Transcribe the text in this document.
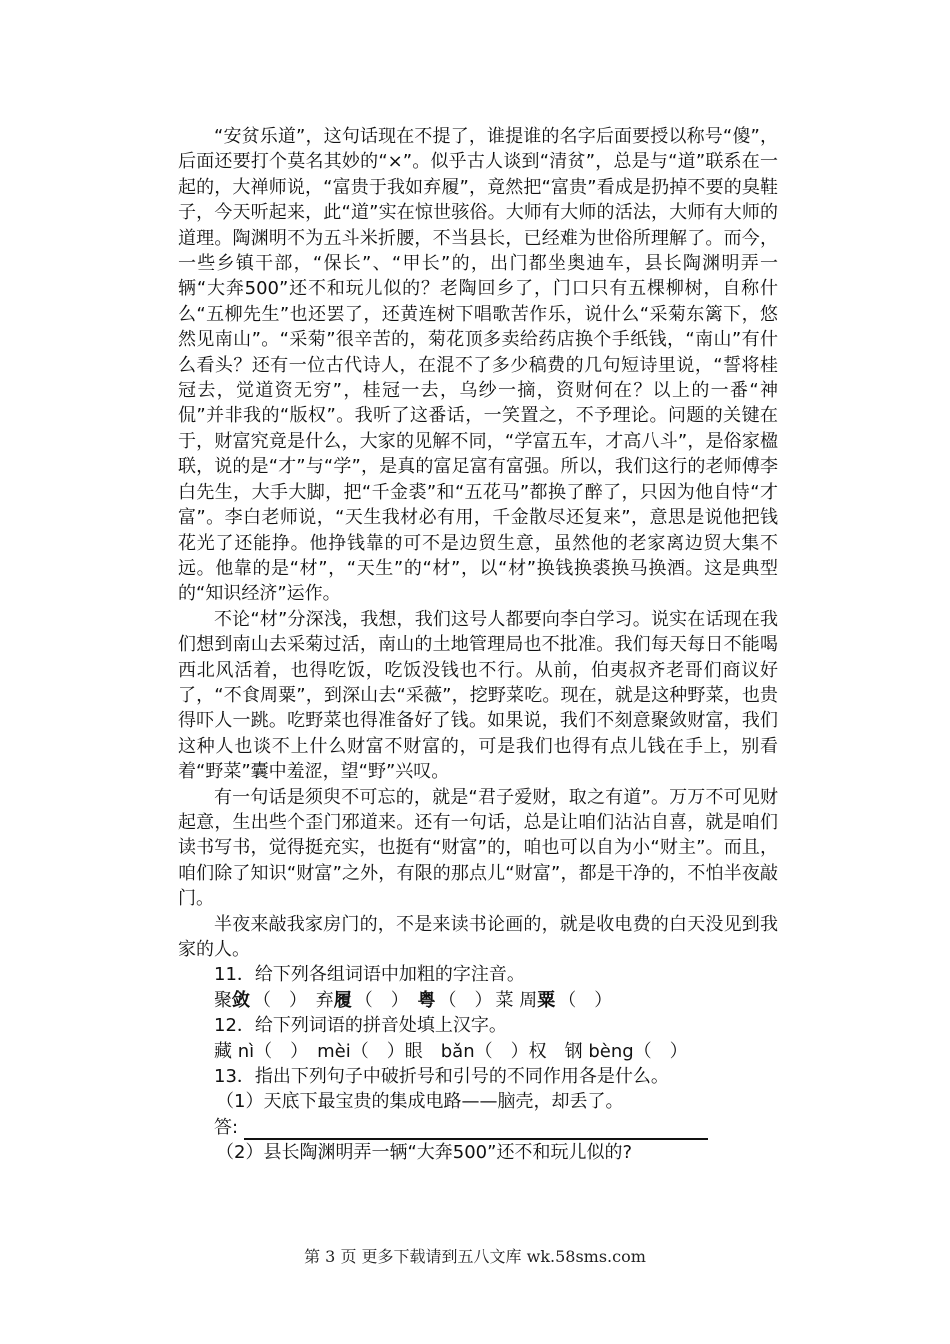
“安贫乐道”，这句话现在不提了，谁提谁的名字后面要授以称号“傻”，后面还要打个莫名其妙的“×”。似乎古人谈到“清贫”，总是与“道”联系在一起的，大禅师说，“富贵于我如弃履”，竟然把“富贵”看成是扔掉不要的臭鞋子，今天听起来，此“道”实在惊世骇俗。大师有大师的活法，大师有大师的道理。陶渊明不为五斗米折腰，不当县长，已经难为世俗所理解了。而今，一些乡镇干部，“保长”、“甲长”的，出门都坐奥迪车，县长陶渊明弄一辆“大奔500”还不和玩儿似的？老陶回乡了，门口只有五棵柳树，自称什么“五柳先生”也还罢了，还黄连树下唱歌苦作乐，说什么“采菊东篱下，悠然见南山”。“采菊”很辛苦的，菊花顶多卖给药店换个手纸钱，“南山”有什么看头？还有一位古代诗人，在混不了多少稿费的几句短诗里说，“誓将桂冠去，觉道资无穷”，桂冠一去，乌纱一摘，资财何在？以上的一番“神侃”并非我的“版权”。我听了这番话，一笑置之，不予理论。问题的关键在于，财富究竟是什么，大家的见解不同，“学富五车，才高八斗”，是俗家楹联，说的是“才”与“学”，是真的富足富有富强。所以，我们这行的老师傅李白先生，大手大脚，把“千金裘”和“五花马”都换了醉了，只因为他自恃“才富”。李白老师说，“天生我材必有用，千金散尽还复来”，意思是说他把钱花光了还能挣。他挣钱靠的可不是边贸生意，虽然他的老家离边贸大集不远。他靠的是“材”，“天生”的“材”，以“材”换钱换裘换马换酒。这是典型的“知识经济”运作。

不论“材”分深浅，我想，我们这号人都要向李白学习。说实在话现在我们想到南山去采菊过活，南山的土地管理局也不批准。我们每天每日不能喝西北风活着，也得吃饭，吃饭没钱也不行。从前，伯夷叔齐老哥们商议好了，“不食周粟”，到深山去“采薇”，挖野菜吃。现在，就是这种野菜，也贵得吓人一跳。吃野菜也得准备好了钱。如果说，我们不刻意聚敛财富，我们这种人也谈不上什么财富不财富的，可是我们也得有点儿钱在手上，别看着“野菜”囊中羞涩，望“野”兴叹。

有一句话是须臾不可忘的，就是“君子爱财，取之有道”。万万不可见财起意，生出些个歪门邪道来。还有一句话，总是让咱们沾沾自喜，就是咱们读书写书，觉得挺充实，也挺有“财富”的，咱也可以自为小“财主”。而且，咱们除了知识“财富”之外，有限的那点儿“财富”，都是干净的，不怕半夜敲门。

半夜来敲我家房门的，不是来读书论画的，就是收电费的白天没见到我家的人。

11．给下列各组词语中加粗的字注音。

聚敛 （　 ） 弃履 （　 ） 粤 （　 ） 菜 周粟 （　 ）

12．给下列词语的拼音处填上汉字。

藏 nì（　）　mèi（　）眼　bǎn（　）权　钢 bèng（　）

13．指出下列句子中破折号和引号的不同作用各是什么。

（1）天底下最宝贵的集成电路——脑壳，却丢了。

答:

（2）县长陶渊明弄一辆“大奔500”还不和玩儿似的?

第 3 页 更多下载请到五八文库 wk.58sms.com
